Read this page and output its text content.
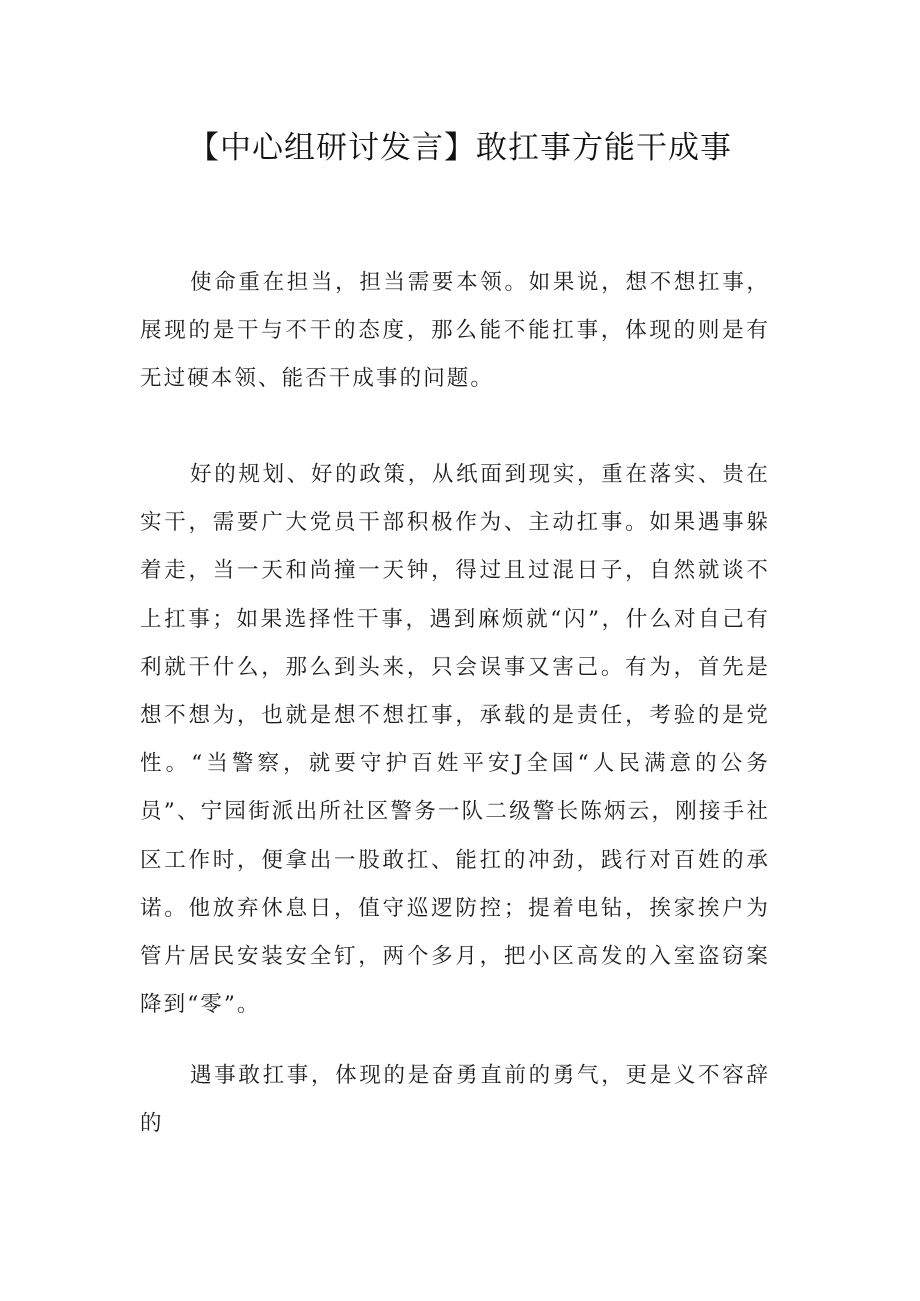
【中心组研讨发言】敢扛事方能干成事

使命重在担当，担当需要本领。如果说，想不想扛事，展现的是干与不干的态度，那么能不能扛事，体现的则是有无过硬本领、能否干成事的问题。

好的规划、好的政策，从纸面到现实，重在落实、贵在实干，需要广大党员干部积极作为、主动扛事。如果遇事躲着走，当一天和尚撞一天钟，得过且过混日子，自然就谈不上扛事；如果选择性干事，遇到麻烦就“闪”，什么对自己有利就干什么，那么到头来，只会误事又害己。有为，首先是想不想为，也就是想不想扛事，承载的是责任，考验的是党性。“当警察，就要守护百姓平安J全国“人民满意的公务员”、宁园街派出所社区警务一队二级警长陈炳云，刚接手社区工作时，便拿出一股敢扛、能扛的冲劲，践行对百姓的承诺。他放弃休息日，值守巡逻防控；提着电钻，挨家挨户为管片居民安装安全钉，两个多月，把小区高发的入室盗窃案降到“零”。

遇事敢扛事，体现的是奋勇直前的勇气，更是义不容辞的
